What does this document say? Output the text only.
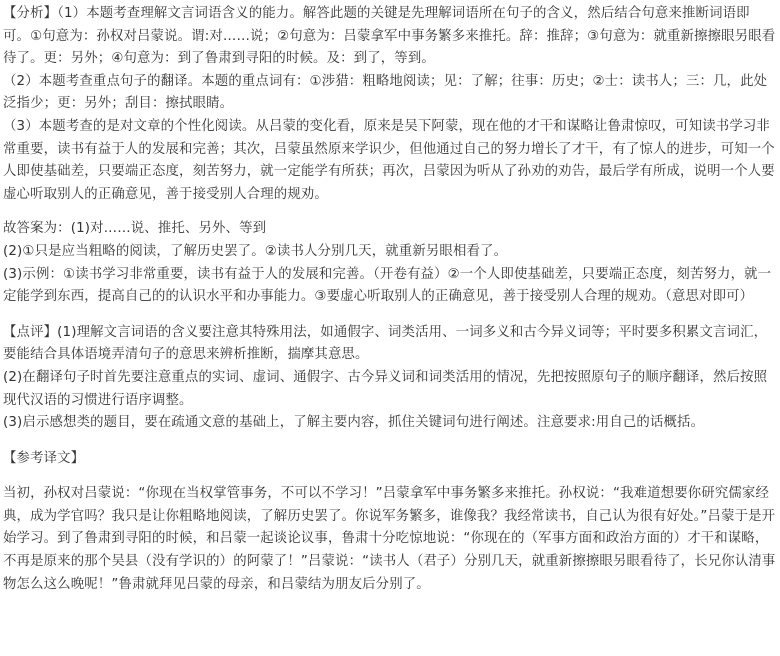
【分析】（1）本题考查理解文言词语含义的能力。解答此题的关键是先理解词语所在句子的含义，然后结合句意来推断词语即可。①句意为：孙权对吕蒙说。谓:对……说；②句意为：吕蒙拿军中事务繁多来推托。辞：推辞；③句意为：就重新擦擦眼另眼看待了。更：另外；④句意为：到了鲁肃到寻阳的时候。及：到了，等到。
（2）本题考查重点句子的翻译。本题的重点词有：①涉猎：粗略地阅读；见：了解；往事：历史；②士：读书人；三：几，此处泛指少；更：另外；刮目：擦拭眼睛。
（3）本题考查的是对文章的个性化阅读。从吕蒙的变化看，原来是吴下阿蒙，现在他的才干和谋略让鲁肃惊叹，可知读书学习非常重要，读书有益于人的发展和完善；其次，吕蒙虽然原来学识少，但他通过自己的努力增长了才干，有了惊人的进步，可知一个人即使基础差，只要端正态度，刻苦努力，就一定能学有所获；再次，吕蒙因为听从了孙劝的劝告，最后学有所成，说明一个人要虚心听取别人的正确意见，善于接受别人合理的规劝。
故答案为：(1)对……说、推托、另外、等到
(2)①只是应当粗略的阅读，了解历史罢了。②读书人分别几天，就重新另眼相看了。
(3)示例：①读书学习非常重要，读书有益于人的发展和完善。（开卷有益）②一个人即使基础差，只要端正态度，刻苦努力，就一定能学到东西，提高自己的的认识水平和办事能力。③要虚心听取别人的正确意见，善于接受别人合理的规劝。（意思对即可）
【点评】(1)理解文言词语的含义要注意其特殊用法，如通假字、词类活用、一词多义和古今异义词等；平时要多积累文言词汇，要能结合具体语境弄清句子的意思来辨析推断，揣摩其意思。
(2)在翻译句子时首先要注意重点的实词、虚词、通假字、古今异义词和词类活用的情况，先把按照原句子的顺序翻译，然后按照现代汉语的习惯进行语序调整。
(3)启示感想类的题目，要在疏通文意的基础上，了解主要内容，抓住关键词句进行阐述。注意要求:用自己的话概括。
【参考译文】
当初，孙权对吕蒙说：“你现在当权掌管事务，不可以不学习！”吕蒙拿军中事务繁多来推托。孙权说：“我难道想要你研究儒家经典，成为学官吗？我只是让你粗略地阅读，了解历史罢了。你说军务繁多，谁像我？我经常读书，自己认为很有好处。”吕蒙于是开始学习。到了鲁肃到寻阳的时候，和吕蒙一起谈论议事，鲁肃十分吃惊地说：“你现在的（军事方面和政治方面的）才干和谋略，不再是原来的那个吴县（没有学识的）的阿蒙了！”吕蒙说：“读书人（君子）分别几天，就重新擦擦眼另眼看待了，长兄你认清事物怎么这么晚呢！”鲁肃就拜见吕蒙的母亲，和吕蒙结为朋友后分别了。
